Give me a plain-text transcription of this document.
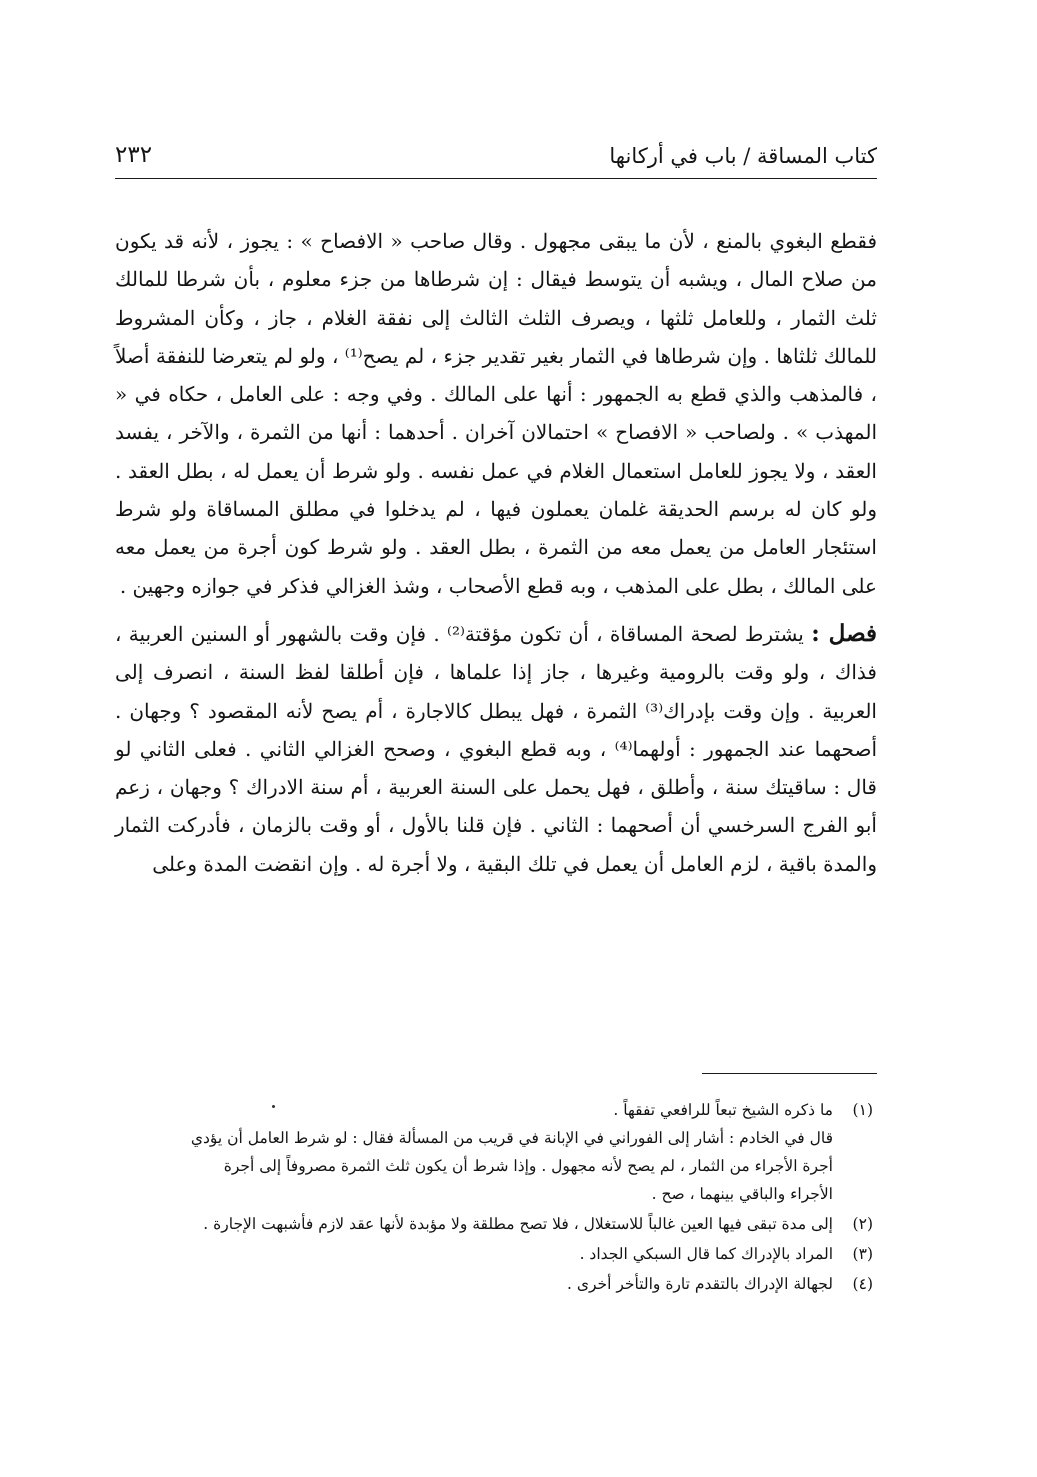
كتاب المساقة / باب في أركانها
٢٣٢

فقطع البغوي بالمنع ، لأن ما يبقى مجهول . وقال صاحب « الافصاح » : يجوز ، لأنه قد يكون من صلاح المال ، ويشبه أن يتوسط فيقال : إن شرطاها من جزء معلوم ، بأن شرطا للمالك ثلث الثمار ، وللعامل ثلثها ، ويصرف الثلث الثالث إلى نفقة الغلام ، جاز ، وكأن المشروط للمالك ثلثاها . وإن شرطاها في الثمار بغير تقدير جزء ، لم يصح⁽¹⁾ ، ولو لم يتعرضا للنفقة أصلاً ، فالمذهب والذي قطع به الجمهور : أنها على المالك . وفي وجه : على العامل ، حكاه في « المهذب » . ولصاحب « الافصاح » احتمالان آخران . أحدهما : أنها من الثمرة ، والآخر ، يفسد العقد ، ولا يجوز للعامل استعمال الغلام في عمل نفسه . ولو شرط أن يعمل له ، بطل العقد . ولو كان له برسم الحديقة غلمان يعملون فيها ، لم يدخلوا في مطلق المساقاة ولو شرط استئجار العامل من يعمل معه من الثمرة ، بطل العقد . ولو شرط كون أجرة من يعمل معه على المالك ، بطل على المذهب ، وبه قطع الأصحاب ، وشذ الغزالي فذكر في جوازه وجهين .

فصل : يشترط لصحة المساقاة ، أن تكون مؤقتة⁽²⁾ . فإن وقت بالشهور أو السنين العربية ، فذاك ، ولو وقت بالرومية وغيرها ، جاز إذا علماها ، فإن أطلقا لفظ السنة ، انصرف إلى العربية . وإن وقت بإدراك⁽³⁾ الثمرة ، فهل يبطل كالاجارة ، أم يصح لأنه المقصود ؟ وجهان . أصحهما عند الجمهور : أولهما⁽⁴⁾ ، وبه قطع البغوي ، وصحح الغزالي الثاني . فعلى الثاني لو قال : ساقيتك سنة ، وأطلق ، فهل يحمل على السنة العربية ، أم سنة الادراك ؟ وجهان ، زعم أبو الفرج السرخسي أن أصحهما : الثاني . فإن قلنا بالأول ، أو وقت بالزمان ، فأدركت الثمار والمدة باقية ، لزم العامل أن يعمل في تلك البقية ، ولا أجرة له . وإن انقضت المدة وعلى

(١)
ما ذكره الشيخ تبعاً للرافعي تفقهاً .
قال في الخادم : أشار إلى الفوراني في الإبانة في قريب من المسألة فقال : لو شرط العامل أن يؤدي
أجرة الأجراء من الثمار ، لم يصح لأنه مجهول . وإذا شرط أن يكون ثلث الثمرة مصروفاً إلى أجرة
الأجراء والباقي بينهما ، صح .
(٢)
إلى مدة تبقى فيها العين غالباً للاستغلال ، فلا تصح مطلقة ولا مؤبدة لأنها عقد لازم فأشبهت الإجارة .
(٣)
المراد بالإدراك كما قال السبكي الجداد .
(٤)
لجهالة الإدراك بالتقدم تارة والتأخر أخرى .
